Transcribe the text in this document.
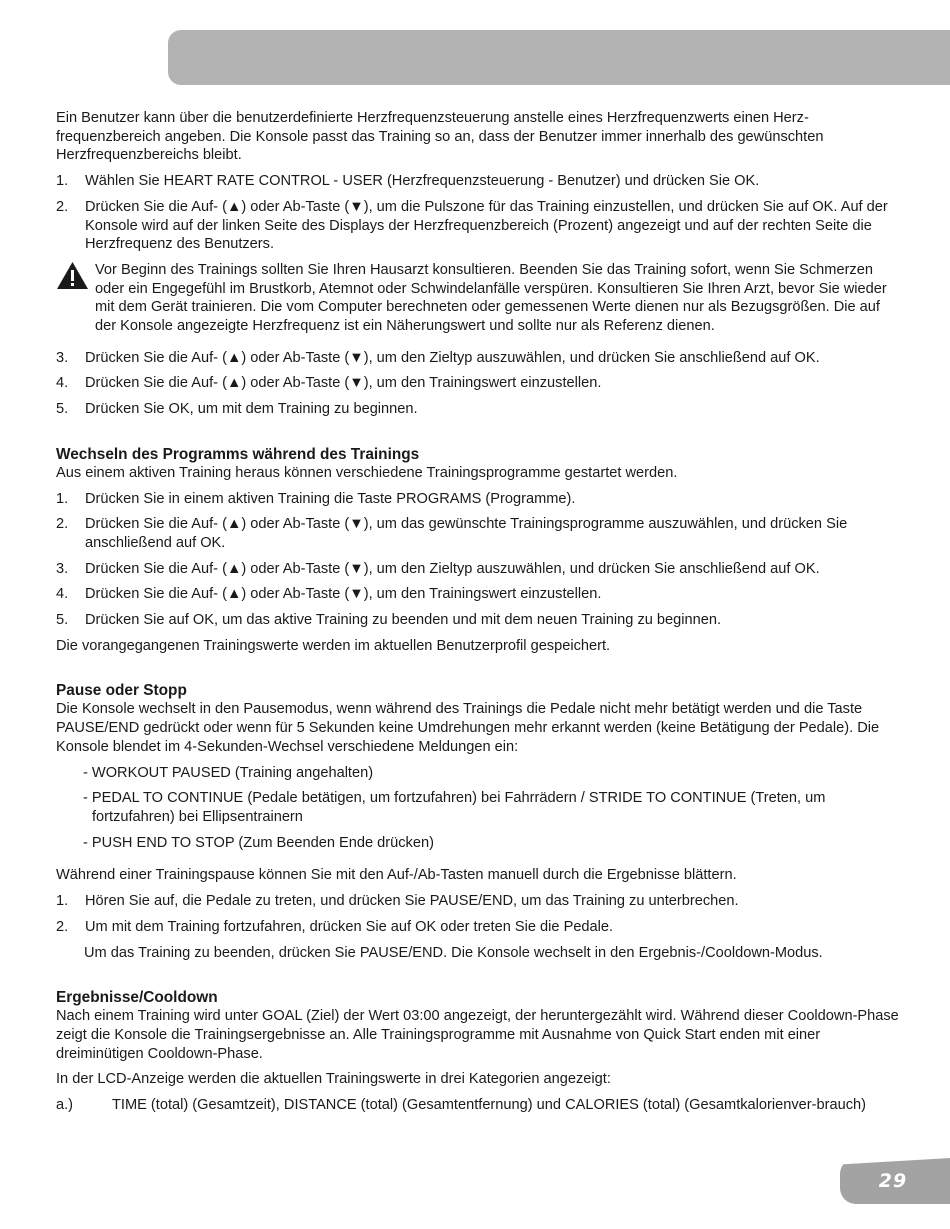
Ein Benutzer kann über die benutzerdefinierte Herzfrequenzsteuerung anstelle eines Herzfrequenzwerts einen Herz-frequenzbereich angeben. Die Konsole passt das Training so an, dass der Benutzer immer innerhalb des gewünschten Herzfrequenzbereichs bleibt.

1.	Wählen Sie HEART RATE CONTROL - USER (Herzfrequenzsteuerung - Benutzer) und drücken Sie OK.
2.	Drücken Sie die Auf- (▲) oder Ab-Taste (▼), um die Pulszone für das Training einzustellen, und drücken Sie auf OK. Auf der Konsole wird auf der linken Seite des Displays der Herzfrequenzbereich (Prozent) angezeigt und auf der rechten Seite die Herzfrequenz des Benutzers.
Vor Beginn des Trainings sollten Sie Ihren Hausarzt konsultieren. Beenden Sie das Training sofort, wenn Sie Schmerzen oder ein Engegefühl im Brustkorb, Atemnot oder Schwindelanfälle verspüren. Konsultieren Sie Ihren Arzt, bevor Sie wieder mit dem Gerät trainieren. Die vom Computer berechneten oder gemessenen Werte dienen nur als Bezugsgrößen. Die auf der Konsole angezeigte Herzfrequenz ist ein Näherungswert und sollte nur als Referenz dienen.
3.	Drücken Sie die Auf- (▲) oder Ab-Taste (▼), um den Zieltyp auszuwählen, und drücken Sie anschließend auf OK.
4.	Drücken Sie die Auf- (▲) oder Ab-Taste (▼), um den Trainingswert einzustellen.
5.	Drücken Sie OK, um mit dem Training zu beginnen.
Wechseln des Programms während des Trainings

Aus einem aktiven Training heraus können verschiedene Trainingsprogramme gestartet werden.

1.	Drücken Sie in einem aktiven Training die Taste PROGRAMS (Programme).
2.	Drücken Sie die Auf- (▲) oder Ab-Taste (▼), um das gewünschte Trainingsprogramme auszuwählen, und drücken Sie anschließend auf OK.
3.	Drücken Sie die Auf- (▲) oder Ab-Taste (▼), um den Zieltyp auszuwählen, und drücken Sie anschließend auf OK.
4.	Drücken Sie die Auf- (▲) oder Ab-Taste (▼), um den Trainingswert einzustellen.
5.	Drücken Sie auf OK, um das aktive Training zu beenden und mit dem neuen Training zu beginnen.

Die vorangegangenen Trainingswerte werden im aktuellen Benutzerprofil gespeichert.

Pause oder Stopp

Die Konsole wechselt in den Pausemodus, wenn während des Trainings die Pedale nicht mehr betätigt werden und die Taste PAUSE/END gedrückt oder wenn für 5 Sekunden keine Umdrehungen mehr erkannt werden (keine Betätigung der Pedale). Die Konsole blendet im 4-Sekunden-Wechsel verschiedene Meldungen ein:

- WORKOUT PAUSED (Training angehalten)

- PEDAL TO CONTINUE (Pedale betätigen, um fortzufahren) bei Fahrrädern / STRIDE TO CONTINUE (Treten, um fortzufahren) bei Ellipsentrainern

- PUSH END TO STOP (Zum Beenden Ende drücken)

Während einer Trainingspause können Sie mit den Auf-/Ab-Tasten manuell durch die Ergebnisse blättern.

1.	Hören Sie auf, die Pedale zu treten, und drücken Sie PAUSE/END, um das Training zu unterbrechen.
2.	Um mit dem Training fortzufahren, drücken Sie auf OK oder treten Sie die Pedale.

Um das Training zu beenden, drücken Sie PAUSE/END. Die Konsole wechselt in den Ergebnis-/Cooldown-Modus.

Ergebnisse/Cooldown

Nach einem Training wird unter GOAL (Ziel) der Wert 03:00 angezeigt, der heruntergezählt wird. Während dieser Cooldown-Phase zeigt die Konsole die Trainingsergebnisse an. Alle Trainingsprogramme mit Ausnahme von Quick Start enden mit einer dreiminütigen Cooldown-Phase.

In der LCD-Anzeige werden die aktuellen Trainingswerte in drei Kategorien angezeigt:

a.)	TIME (total) (Gesamtzeit), DISTANCE (total) (Gesamtentfernung) und CALORIES (total) (Gesamtkalorienver-brauch)
29
